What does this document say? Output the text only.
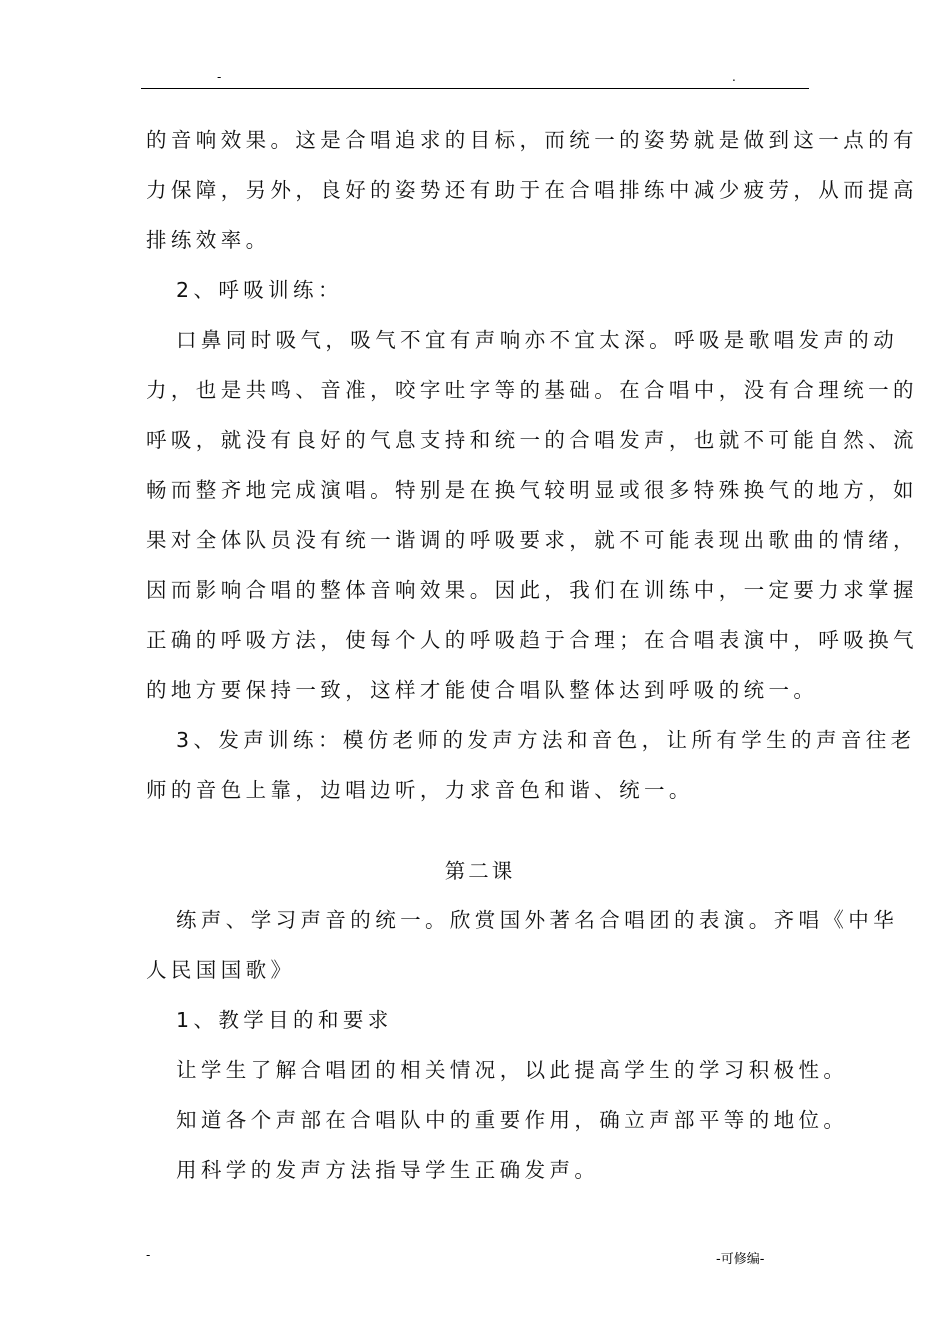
-	.
的音响效果。这是合唱追求的目标，而统一的姿势就是做到这一点的有
力保障，另外，良好的姿势还有助于在合唱排练中减少疲劳，从而提高
排练效率。
2、呼吸训练：
口鼻同时吸气，吸气不宜有声响亦不宜太深。呼吸是歌唱发声的动
力，也是共鸣、音准，咬字吐字等的基础。在合唱中，没有合理统一的
呼吸，就没有良好的气息支持和统一的合唱发声，也就不可能自然、流
畅而整齐地完成演唱。特别是在换气较明显或很多特殊换气的地方，如
果对全体队员没有统一谐调的呼吸要求，就不可能表现出歌曲的情绪，
因而影响合唱的整体音响效果。因此，我们在训练中，一定要力求掌握
正确的呼吸方法，使每个人的呼吸趋于合理；在合唱表演中，呼吸换气
的地方要保持一致，这样才能使合唱队整体达到呼吸的统一。
3、发声训练：模仿老师的发声方法和音色，让所有学生的声音往老
师的音色上靠，边唱边听，力求音色和谐、统一。
第二课
练声、学习声音的统一。欣赏国外著名合唱团的表演。齐唱《中华
人民国国歌》
1、教学目的和要求
让学生了解合唱团的相关情况，以此提高学生的学习积极性。
知道各个声部在合唱队中的重要作用，确立声部平等的地位。
用科学的发声方法指导学生正确发声。
-	-可修编-
